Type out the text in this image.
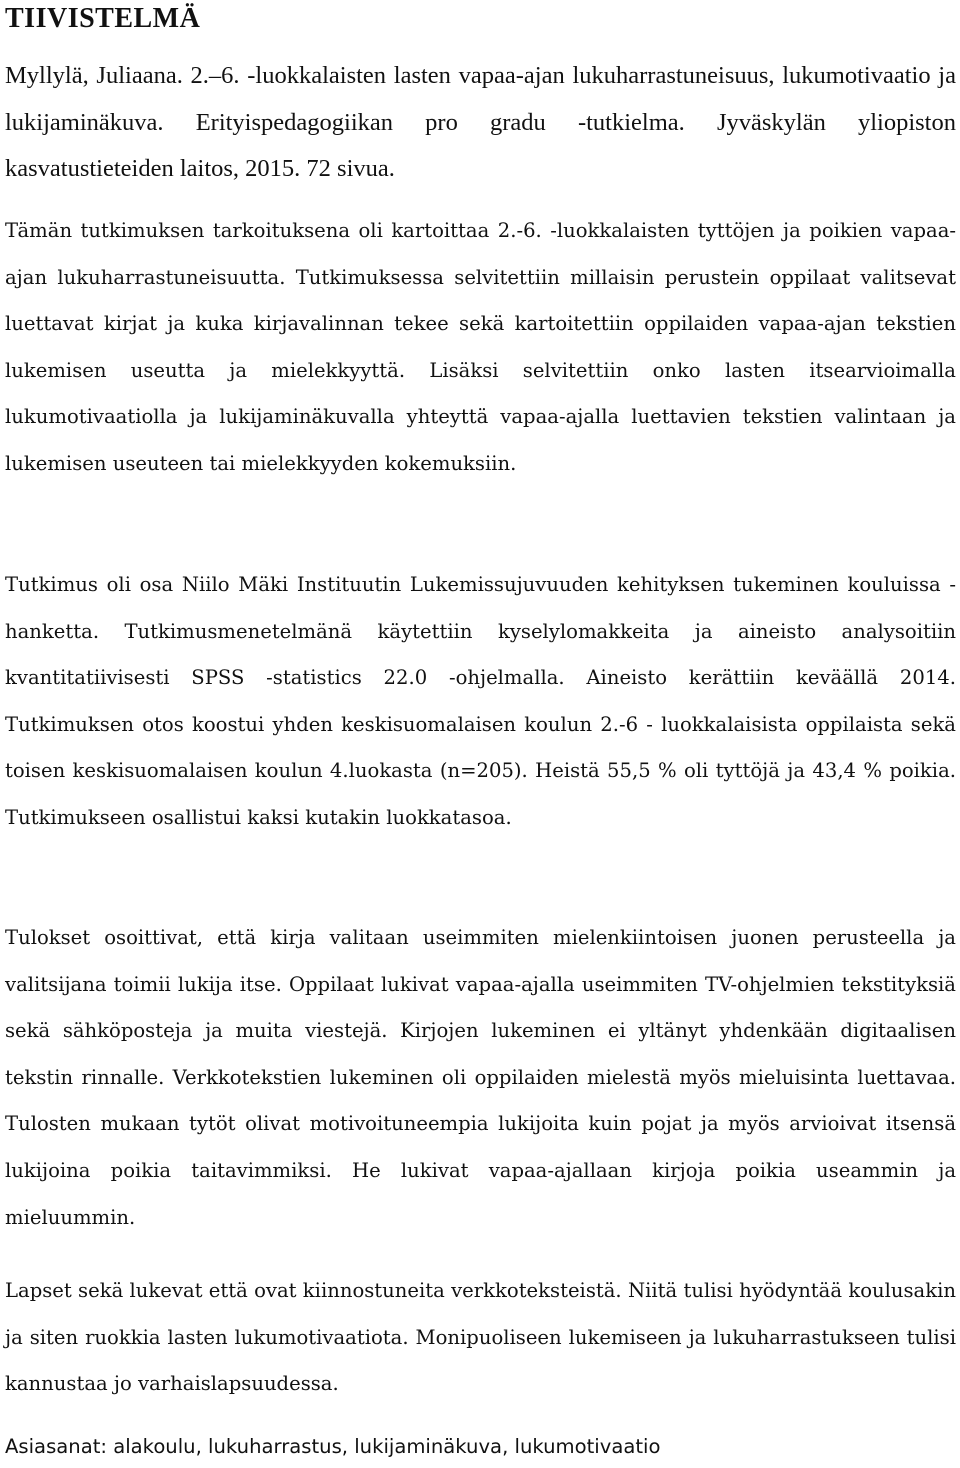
TIIVISTELMÄ

Myllylä, Juliaana. 2.–6. -luokkalaisten lasten vapaa-ajan lukuharrastuneisuus, lukumotivaatio ja lukijaminäkuva. Erityispedagogiikan pro gradu -tutkielma. Jyväskylän yliopiston kasvatustieteiden laitos, 2015. 72 sivua.

Tämän tutkimuksen tarkoituksena oli kartoittaa 2.-6. -luokkalaisten tyttöjen ja poikien vapaa-ajan lukuharrastuneisuutta. Tutkimuksessa selvitettiin millaisin perustein oppilaat valitsevat luettavat kirjat ja kuka kirjavalinnan tekee sekä kartoitettiin oppilaiden vapaa-ajan tekstien lukemisen useutta ja mielekkyyttä. Lisäksi selvitettiin onko lasten itsearvioimalla lukumotivaatiolla ja lukijaminäkuvalla yhteyttä vapaa-ajalla luettavien tekstien valintaan ja lukemisen useuteen tai mielekkyyden kokemuksiin.

Tutkimus oli osa Niilo Mäki Instituutin Lukemissujuvuuden kehityksen tukeminen kouluissa -hanketta. Tutkimusmenetelmänä käytettiin kyselylomakkeita ja aineisto analysoitiin kvantitatiivisesti SPSS -statistics 22.0 -ohjelmalla. Aineisto kerättiin keväällä 2014. Tutkimuksen otos koostui yhden keskisuomalaisen koulun 2.-6 - luokkalaisista oppilaista sekä toisen keskisuomalaisen koulun 4.luokasta (n=205). Heistä 55,5 % oli tyttöjä ja 43,4 % poikia. Tutkimukseen osallistui kaksi kutakin luokkatasoa.

Tulokset osoittivat, että kirja valitaan useimmiten mielenkiintoisen juonen perusteella ja valitsijana toimii lukija itse. Oppilaat lukivat vapaa-ajalla useimmiten TV-ohjelmien tekstityksiä sekä sähköposteja ja muita viestejä. Kirjojen lukeminen ei yltänyt yhdenkään digitaalisen tekstin rinnalle. Verkkotekstien lukeminen oli oppilaiden mielestä myös mieluisinta luettavaa. Tulosten mukaan tytöt olivat motivoituneempia lukijoita kuin pojat ja myös arvioivat itsensä lukijoina poikia taitavimmiksi. He lukivat vapaa-ajallaan kirjoja poikia useammin ja mieluummin.

Lapset sekä lukevat että ovat kiinnostuneita verkkoteksteistä. Niitä tulisi hyödyntää koulusakin ja siten ruokkia lasten lukumotivaatiota. Monipuoliseen lukemiseen ja lukuharrastukseen tulisi kannustaa jo varhaislapsuudessa.

Asiasanat: alakoulu, lukuharrastus, lukijaminäkuva, lukumotivaatio
